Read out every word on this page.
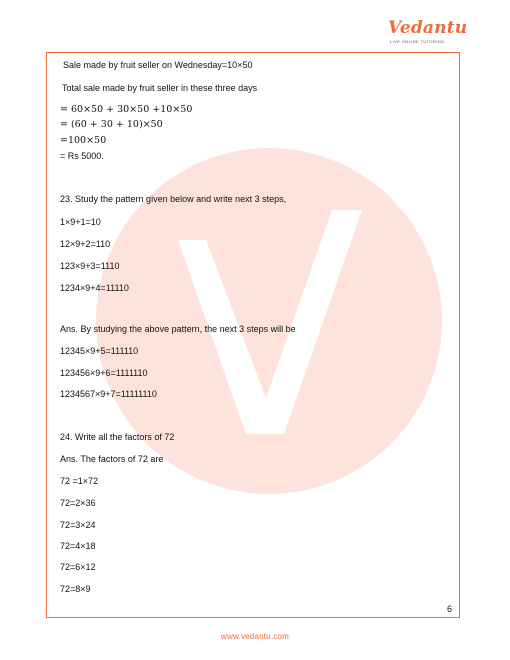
Vedantu
LIVE ONLINE TUTORING
Sale made by fruit seller on Wednesday=10×50
Total sale made by fruit seller in these three days
= 60×50 + 30×50 +10×50
= (60 + 30 + 10)×50
=100×50
= Rs 5000.
23. Study the pattern given below and write next 3 steps,
1×9+1=10
12×9+2=110
123×9+3=1110
1234×9+4=11110
Ans. By studying the above pattern, the next 3 steps will be
12345×9+5=111110
123456×9+6=1111110
1234567×9+7=11111110
24. Write all the factors of 72
Ans. The factors of 72 are
72 =1×72
72=2×36
72=3×24
72=4×18
72=6×12
72=8×9
6
www.vedantu.com
